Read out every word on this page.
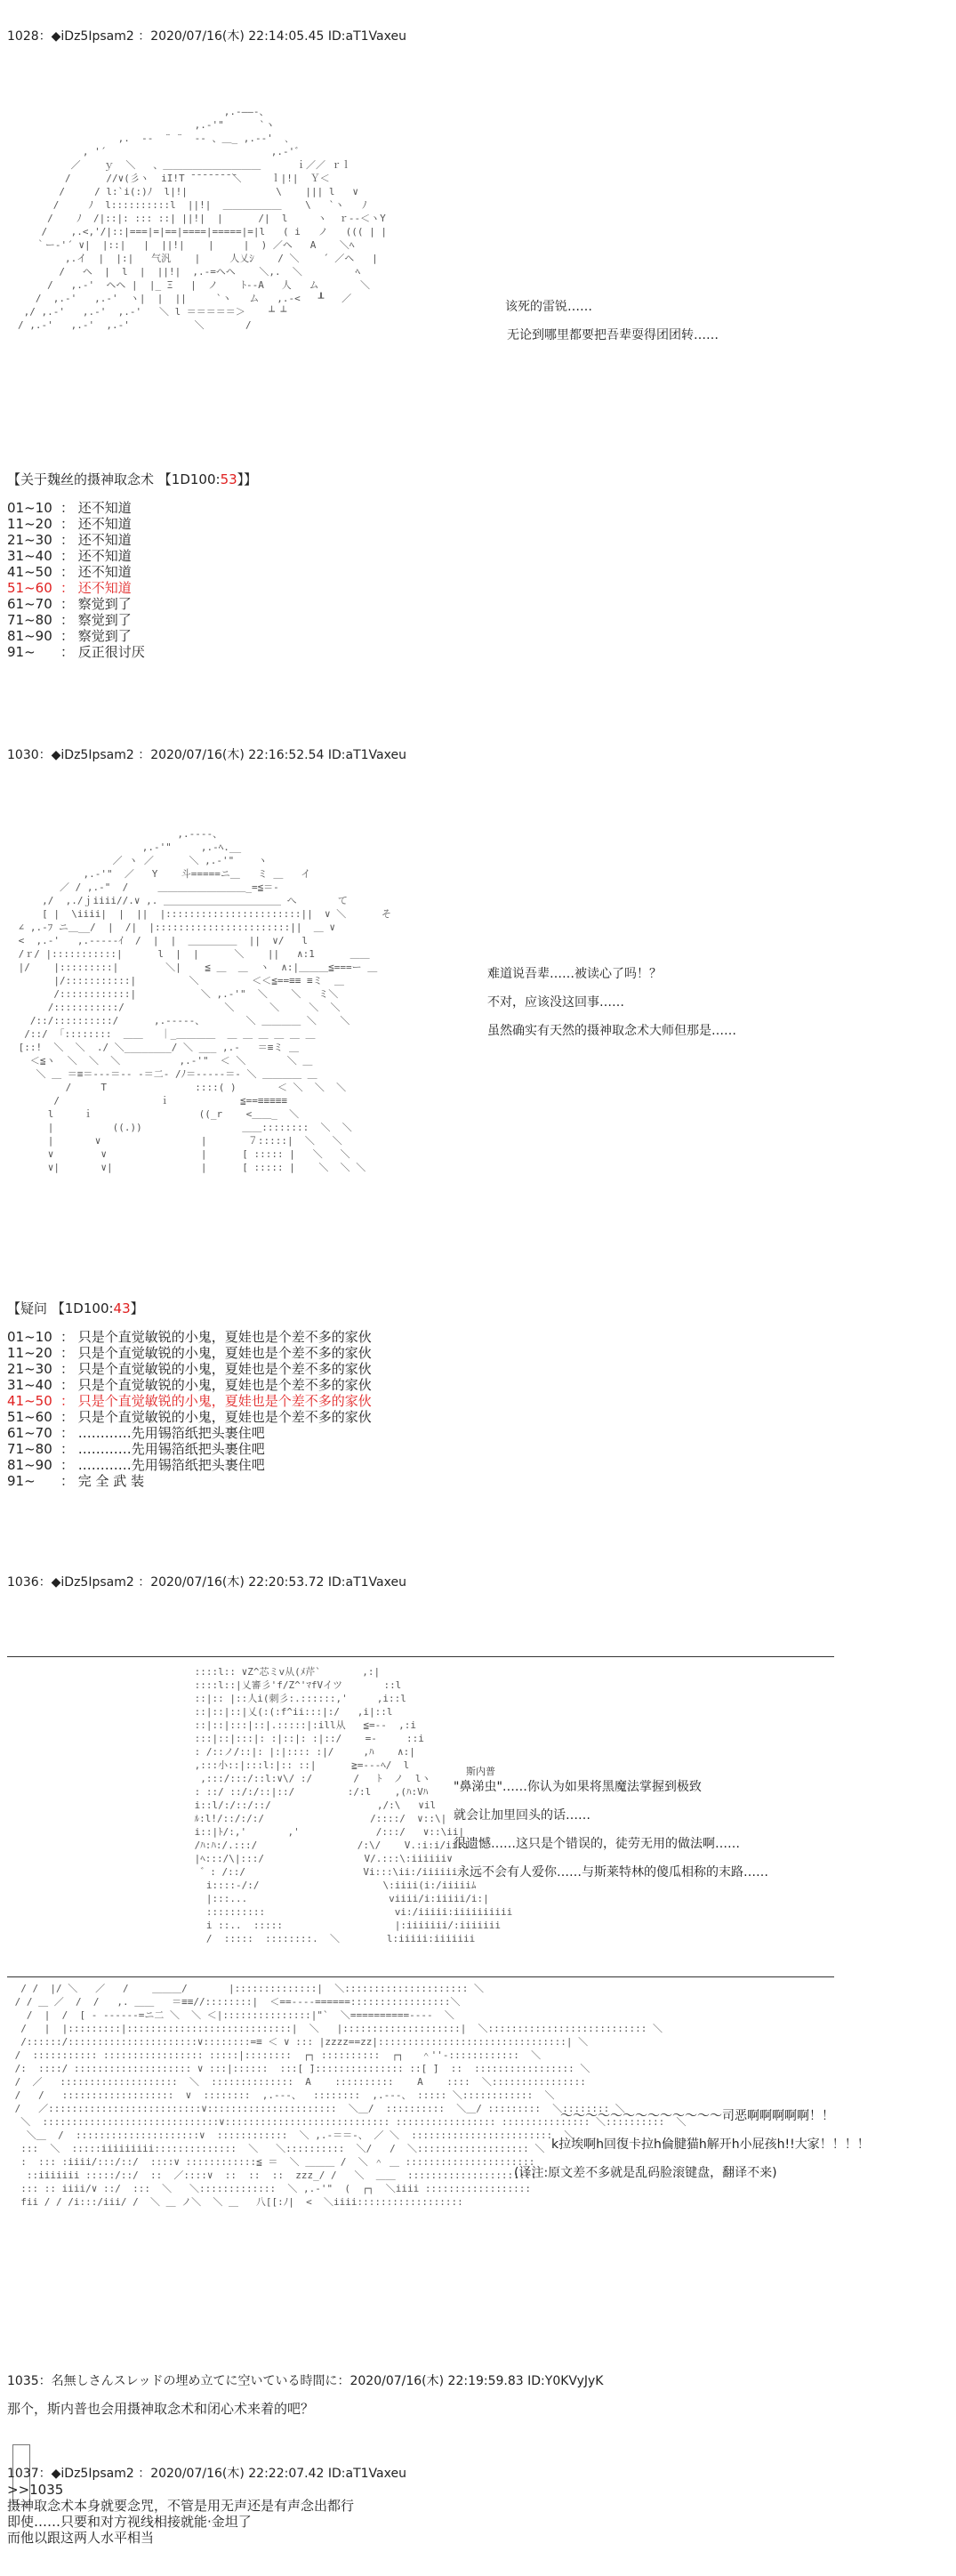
1028：◆iDz5Ipsam2 ：2020/07/16(木) 22:14:05.45 ID:aT1Vaxeu
,.-——-、
,.-'"      `ヽ
,.  -‐  ¨ ¨  ‐- 、＿_ ,.-‐'  ､
, '´                            ,.-'゛
／    ｙ  ＼   、＿＿＿＿＿＿＿＿＿＿      ｉ／／ ｒｌ
/      //∨(彡ヽ  iI!T ̄ ̄ ̄ ̄ ̄ ̄ ̄ ̄＼     ｌ|!|  Ｙ＜
/     / l:`i(:)ﾉ  l|!|               \    ||| l   ∨
/     ﾉ  l::::::::::l  ||!|  ＿＿＿＿＿＿    \   `ヽ   ﾉ
/    ﾉ  /|::|: ::: ::| ||!|  |      /|  l     ヽ  ｒ‐‐＜ヽY
/    ,.<,'/|::|===|=|==|====|=====|=|l   ( i   ノ   ((( | |
｀ー‐'´ ∨|  |::|   |  ||!|    |     |  ) ／ヘ   A    ＼ﾍ
,.イ  |  |:|   气汎    |     人乂ｼ    / ＼    ´ ／ヘ   |
/   ヘ  |  l  |  ||!|  ,.-=ヘヘ    ＼,.  ＼         ﾍ
/   ,.-'  ヘヘ |  |_ Ξ   |  ノ    ﾄ--A   人   ム       ＼
/  ,.-'   ,.-'  ヽ|  |  ||     `ヽ   ム   ,.-<   ┸   ／
,/ ,.-'   ,.-'  ,.-'   ＼ l ＝＝＝＝＝＞    ┴ ┴
/ ,.-'   ,.-'  ,.-'           ＼       /

该死的雷锐……

无论到哪里都要把吾辈耍得团团转……

【关于魏丝的摄神取念术 【1D100:53】】
01~10 ： 还不知道
11~20 ： 还不知道
21~30 ： 还不知道
31~40 ： 还不知道
41~50 ： 还不知道
51~60 ： 还不知道
61~70 ： 察觉到了
71~80 ： 察觉到了
81~90 ： 察觉到了
91~ ： 反正很讨厌
1030：◆iDz5Ipsam2 ：2020/07/16(木) 22:16:52.54 ID:aT1Vaxeu
,.-‐‐-、
,.-'"     ,.-ﾍ.__
／ ヽ ／      ＼ ,.-'"    ヽ
,.-'"  ／   Y    斗=====ニ＿   ミ ＿   イ
／ / ,.-"  /     ＿＿＿＿＿＿＿＿＿_=≦＝‐
,/  ,./ｊiiii//.∨ ,. ＿＿＿＿＿＿＿＿＿＿＿＿ へ       て
[ |  \iiii|  |  ||  |:::::::::::::::::::::::||  ∨ ＼      そ
∠ ,.-ﾌ ニ＿__/  |  /|  |:::::::::::::::::::::::||  ＿ ∨
<  ,.-'   ,.-----ｲ  /  |  |  ＿＿＿＿＿  ||  ∨/   l
/ｒ/ |:::::::::::|      l  |  |      ＼    ||   ∧:1      ＿＿
|/    |:::::::::|        ＼|    ≦ ＿  ＿  ヽ  ∧:|＿＿＿≦===ー ＿
|/:::::::::::|         ＼         ＜＜≦==≡≡ ≡ミ  ＿
/::::::::::::|           ＼ ,.-'"  ＼    ＼   ミ＼
/:::::::::::/                 ＼      ＼     ＼  ＼
/::/::::::::::/      ,.-‐‐‐-、       ＼ ＿＿＿＿ ＼    ＼
/::/  ｢::::::::  ＿＿   ｜_＿＿＿＿  ＿ ＿ ＿ ＿ ＿ ＿
[::!  ＼  ＼  ./ ＼________/ ＼ ___ ,.-   ＝≡ミ ＿
＜≦ヽ  ＼  ＼  ＼          ,.-'"  ＜ ＼       ＼ ＿
＼ ＿ ＝≡＝‐‐‐＝‐- ‐＝二‐ /ﾉ＝‐‐‐‐‐＝‐ ＼ ＿＿＿＿ ＿
/     T               ::::( )       ＜ ＼  ＼  ＼
/                 ｉ            ≦==≡≡≡≡≡
l     ｉ                  ((_r    <＿＿_  ＼
|          ((.))                 ＿＿::::::::  ＼  ＼
|       ∨                 |       ７:::::|  ＼   ＼
∨        ∨                |      [ ::::: |   ＼   ＼
∨|       ∨|               |      [ ::::: |    ＼  ＼ ＼

难道说吾辈……被读心了吗！？

不对，应该没这回事……

虽然确实有天然的摄神取念术大师但那是……

【疑问 【1D100:43】
01~10 ： 只是个直觉敏锐的小鬼，夏娃也是个差不多的家伙
11~20 ： 只是个直觉敏锐的小鬼，夏娃也是个差不多的家伙
21~30 ： 只是个直觉敏锐的小鬼，夏娃也是个差不多的家伙
31~40 ： 只是个直觉敏锐的小鬼，夏娃也是个差不多的家伙
41~50 ： 只是个直觉敏锐的小鬼，夏娃也是个差不多的家伙
51~60 ： 只是个直觉敏锐的小鬼，夏娃也是个差不多的家伙
61~70 ： …………先用锡箔纸把头裹住吧
71~80 ： …………先用锡箔纸把头裹住吧
81~90 ： …………先用锡箔纸把头裹住吧
91~ ： 完 全 武 装
1036：◆iDz5Ipsam2 ：2020/07/16(木) 22:20:53.72 ID:aT1Vaxeu
::::l:: ∨Z^芯ミv从(ﾒ芹`       ,:|
::::l::|乂審彡'f/Z^'ﾏfVイツ       ::l
::|:: |::人i(刺彡:.::::::,'     ,i::l
::|::|::|乂(:(:f^ii:::|:/   ,i|::l
::|::|:::|::|.:::::|:ill从   ≦=-‐  ,:i
:::|::|:::|: :|::|: :|::/    =‐     ::i
: /::ノ/::|: |:|:::: :|/     ,ﾊ    ∧:|
,:::小::|:::l:|:: ::|      ≧=-‐-ﾍ/  l
,:::/:::/::l:∨\/ :/       /   ﾄ  ノ  lヽ
: ::/ ::/:/::|::/         :/:l    ,(ﾊ:Vﾊ
i::l/:/::/::/                  ,/:\   ∨il
ﾙ:l!/::/:/:/                  /::::/  ∨::\|
i::|ﾄ/:,'       ,'             /:::/   ∨::\ii|
/ﾊ:ﾊ:/.:::/                 /:\/    V.:i:i/ii:i
|ﾍ:::/\|:::/                 V/.:::\:iiiiii∨
゛: /::/                    Vi:::\ii:/iiiiii
i::::-/:/                     \:iiii(i:/iiiiiﾑ
|:::...                        viiii/i:iiiii/i:|
::::::::::                      vi:/iiiii:iiiiiiiiii
i ::..  :::::                   |:iiiiiii/:iiiiiii
/  :::::  ::::::::.  ＼        l:iiiii:iiiiiii
斯内普

"鼻涕虫"……你认为如果将黑魔法掌握到极致

就会让加里回头的话……

很遗憾……这只是个错误的，徒劳无用的做法啊……

永远不会有人爱你……与斯莱特林的傻瓜相称的末路……

/ /  |/ ＼   ／   /    ＿＿＿/       |::::::::::::::|  ＼::::::::::::::::::::: ＼
/ / ＿ ／  /  /   ,. ＿＿   ＝≡≡//::::::::|  ＜==‐‐‐-======:::::::::::::::::＼
/  |  /  [ ‐ ‐‐‐‐‐-=ニ二 ＼  ＼ ＜|:::::::::::::::|"`  ＼==========‐‐‐-  ＼
/   |  |:::::::::|::::::::::::::::::::::::::::|  ＼   |::::::::::::::::::::|  ＼::::::::::::::::::::::::::: ＼
/::::::/::::::::::::::::::::::∨::::::::=≡ ＜ ∨ ::: |zzzz==zz|::::::::::::::::::::::::::::::::| ＼
/  ::::::::::: ::::::::::::::::: :::::|::::::::  ┌┐ ::::::::::  ┌┐   ＾''-::::::::::::  ＼
/:  ::::/ :::::::::::::::::::: ∨ :::|::::::  :::[ ̄]::::::::::::::: ::[ ̄]  ::  ::::::::::::::::: ＼
/  ／   ::::::::::::::::::::  ＼  ::::::::::::::  A    ::::::::::    A    ::::  ＼::::::::::::::::
/   /   :::::::::::::::::::  ∨  ::::::::  ,.-‐-、  ::::::::  ,.-‐-、 ::::: ＼::::::::::::  ＼
/   ／::::::::::::::::::::::::::∨::::::::::::::::::::::  ＼＿/  ::::::::::  ＼＿/ :::::::::  ＼:::::::: ＼
＼  ::::::::::::::::::::::::::::::∨:::::::::::::::::::::::::::: ::::::::::::::::: ::::::::::::::: ＼::::::::::  ＼
＼＿  /  :::::::::::::::::::::∨  ::::::::::::  ＼ ,.-＝＝-、 ／ ＼  ::::::::::::::::::::::::  ＼
:::  ＼  :::::iiiiiiiii::::::::::::::  ＼   ＼::::::::::  ＼/   /  ＼::::::::::::::::::: ＼
:  ::: :iiii/:::/::/  ::::∨ ::::::::::::≦ ＝  ＼ ＿＿＿ /  ＼ ＾ ＿ ::::::::::::::::::::::
::iiiiiii :::::/::/  ::  ／::::∨  ::  ::  ::  zzz_/ /   ＼  ＿＿  ::::::::::::::::::::::
::: :: iiii/∨ ::/  :::  ＼   ＼:::::::::::::  ＼ ,.-'"  (  ┌┐  ＼iiii ::::::::::::::::::
fii / / /i:::/iii/ /  ＼ ＿ ノ＼  ＼ ＿   八[[:ﾉ|  <  ＼iiii::::::::::::::::::

～～～～～～～～～～～～～司恶啊啊啊啊啊！！

k拉埃啊h回復卡拉h倫腱猫h解开h小屁孩h!!大家！！！！

(译注:原文差不多就是乱码脸滚键盘，翻译不来)

1035：名無しさんスレッドの埋め立てに空いている時間に：2020/07/16(木) 22:19:59.83 ID:Y0KVyJyK
那个，斯内普也会用摄神取念术和闭心术来着的吧？
1037：◆iDz5Ipsam2 ：2020/07/16(木) 22:22:07.42 ID:aT1Vaxeu
>>1035
摄神取念术本身就要念咒，不管是用无声还是有声念出都行
即使……只要和对方视线相接就能·金坦了
而他以跟这两人水平相当
